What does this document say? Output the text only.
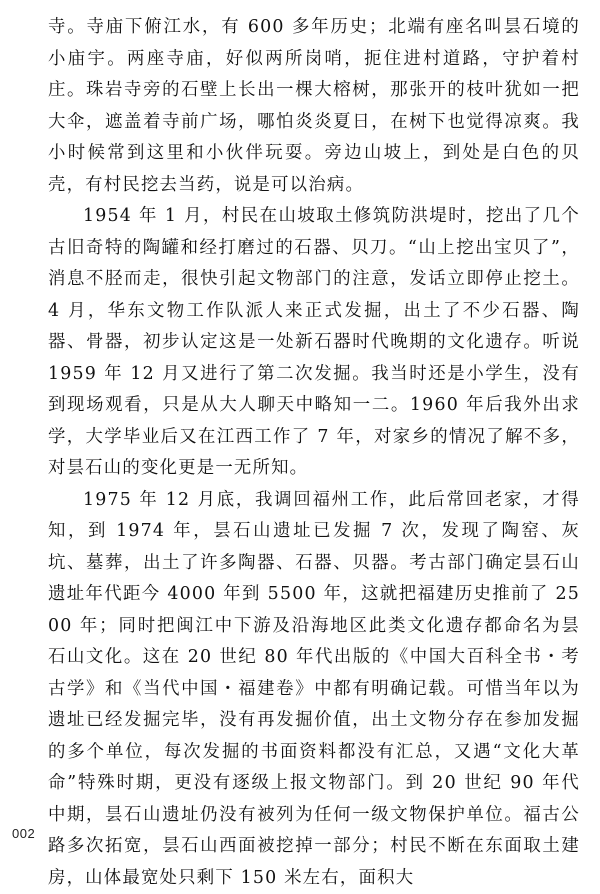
寺。寺庙下俯江水，有 600 多年历史；北端有座名叫昙石境的小庙宇。两座寺庙，好似两所岗哨，扼住进村道路，守护着村庄。珠岩寺旁的石壁上长出一棵大榕树，那张开的枝叶犹如一把大伞，遮盖着寺前广场，哪怕炎炎夏日，在树下也觉得凉爽。我小时候常到这里和小伙伴玩耍。旁边山坡上，到处是白色的贝壳，有村民挖去当药，说是可以治病。

1954 年 1 月，村民在山坡取土修筑防洪堤时，挖出了几个古旧奇特的陶罐和经打磨过的石器、贝刀。“山上挖出宝贝了”，消息不胫而走，很快引起文物部门的注意，发话立即停止挖土。4 月，华东文物工作队派人来正式发掘，出土了不少石器、陶器、骨器，初步认定这是一处新石器时代晚期的文化遗存。听说 1959 年 12 月又进行了第二次发掘。我当时还是小学生，没有到现场观看，只是从大人聊天中略知一二。1960 年后我外出求学，大学毕业后又在江西工作了 7 年，对家乡的情况了解不多，对昙石山的变化更是一无所知。

1975 年 12 月底，我调回福州工作，此后常回老家，才得知，到 1974 年，昙石山遗址已发掘 7 次，发现了陶窑、灰坑、墓葬，出土了许多陶器、石器、贝器。考古部门确定昙石山遗址年代距今 4000 年到 5500 年，这就把福建历史推前了 2500 年；同时把闽江中下游及沿海地区此类文化遗存都命名为昙石山文化。这在 20 世纪 80 年代出版的《中国大百科全书・考古学》和《当代中国・福建卷》中都有明确记载。可惜当年以为遗址已经发掘完毕，没有再发掘价值，出土文物分存在参加发掘的多个单位，每次发掘的书面资料都没有汇总，又遇“文化大革命”特殊时期，更没有逐级上报文物部门。到 20 世纪 90 年代中期，昙石山遗址仍没有被列为任何一级文物保护单位。福古公路多次拓宽，昙石山西面被挖掉一部分；村民不断在东面取土建房，山体最宽处只剩下 150 米左右，面积大

002
